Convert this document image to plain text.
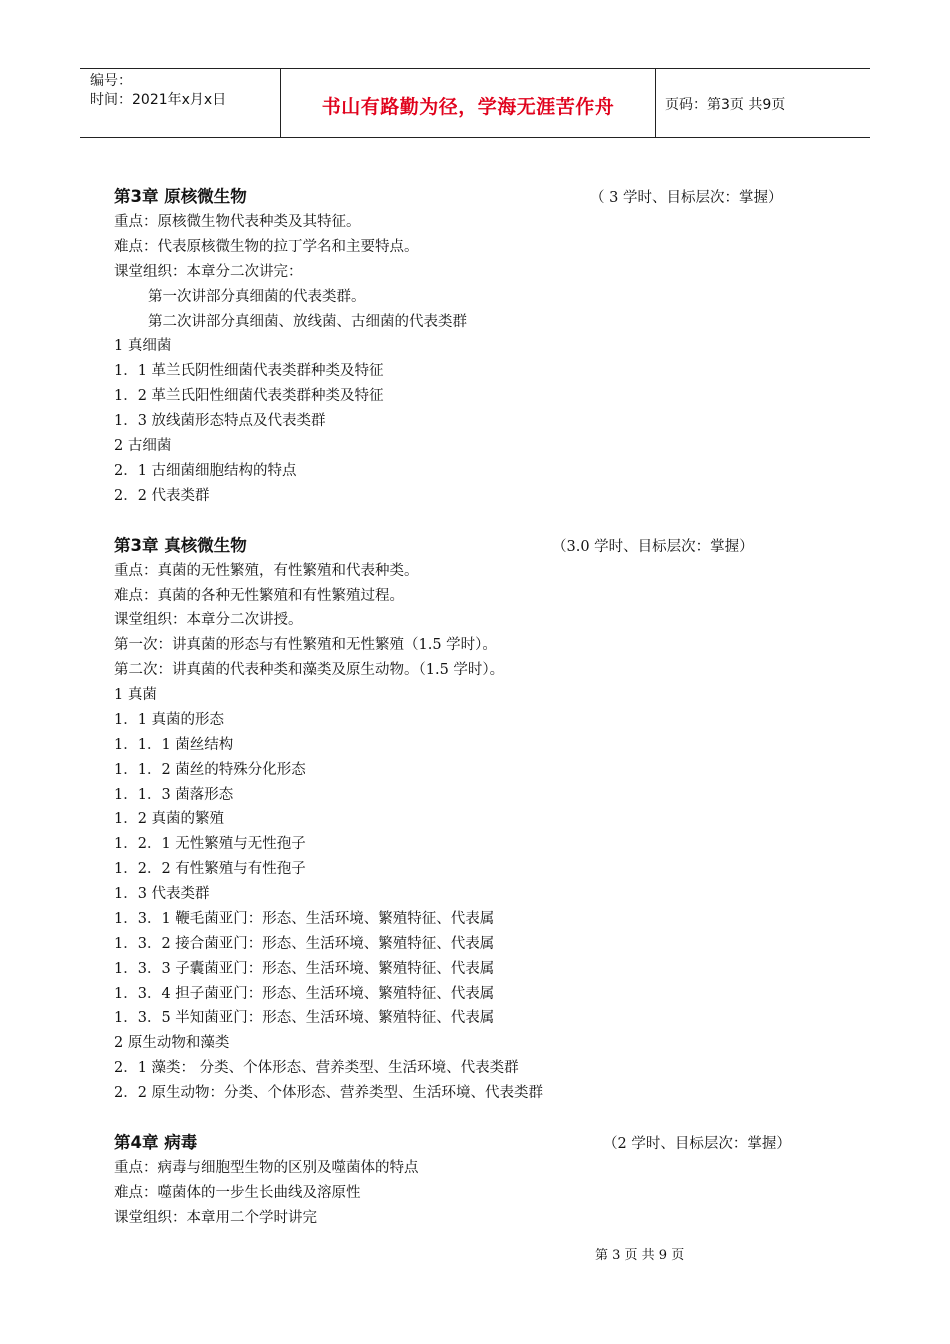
编号：
时间：2021年x月x日	书山有路勤为径，学海无涯苦作舟	页码：第3页 共9页
第3章 原核微生物	（ 3 学时、目标层次：掌握）
重点：原核微生物代表种类及其特征。
难点：代表原核微生物的拉丁学名和主要特点。
课堂组织：本章分二次讲完：
第一次讲部分真细菌的代表类群。
第二次讲部分真细菌、放线菌、古细菌的代表类群
1 真细菌
1．1 革兰氏阴性细菌代表类群种类及特征
1．2 革兰氏阳性细菌代表类群种类及特征
1．3 放线菌形态特点及代表类群
2 古细菌
2．1 古细菌细胞结构的特点
2．2 代表类群
第3章 真核微生物	（3.0 学时、目标层次：掌握）
重点：真菌的无性繁殖，有性繁殖和代表种类。
难点：真菌的各种无性繁殖和有性繁殖过程。
课堂组织：本章分二次讲授。
第一次：讲真菌的形态与有性繁殖和无性繁殖（1.5 学时）。
第二次：讲真菌的代表种类和藻类及原生动物。（1.5 学时）。
1 真菌
1．1 真菌的形态
1．1．1 菌丝结构
1．1．2 菌丝的特殊分化形态
1．1．3 菌落形态
1．2 真菌的繁殖
1．2．1 无性繁殖与无性孢子
1．2．2 有性繁殖与有性孢子
1．3 代表类群
1．3．1 鞭毛菌亚门：形态、生活环境、繁殖特征、代表属
1．3．2 接合菌亚门：形态、生活环境、繁殖特征、代表属
1．3．3 子囊菌亚门：形态、生活环境、繁殖特征、代表属
1．3．4 担子菌亚门：形态、生活环境、繁殖特征、代表属
1．3．5 半知菌亚门：形态、生活环境、繁殖特征、代表属
2 原生动物和藻类
2．1 藻类： 分类、个体形态、营养类型、生活环境、代表类群
2．2 原生动物：分类、个体形态、营养类型、生活环境、代表类群
第4章 病毒	（2 学时、目标层次：掌握）
重点：病毒与细胞型生物的区别及噬菌体的特点
难点：噬菌体的一步生长曲线及溶原性
课堂组织：本章用二个学时讲完
第 3 页 共 9 页
